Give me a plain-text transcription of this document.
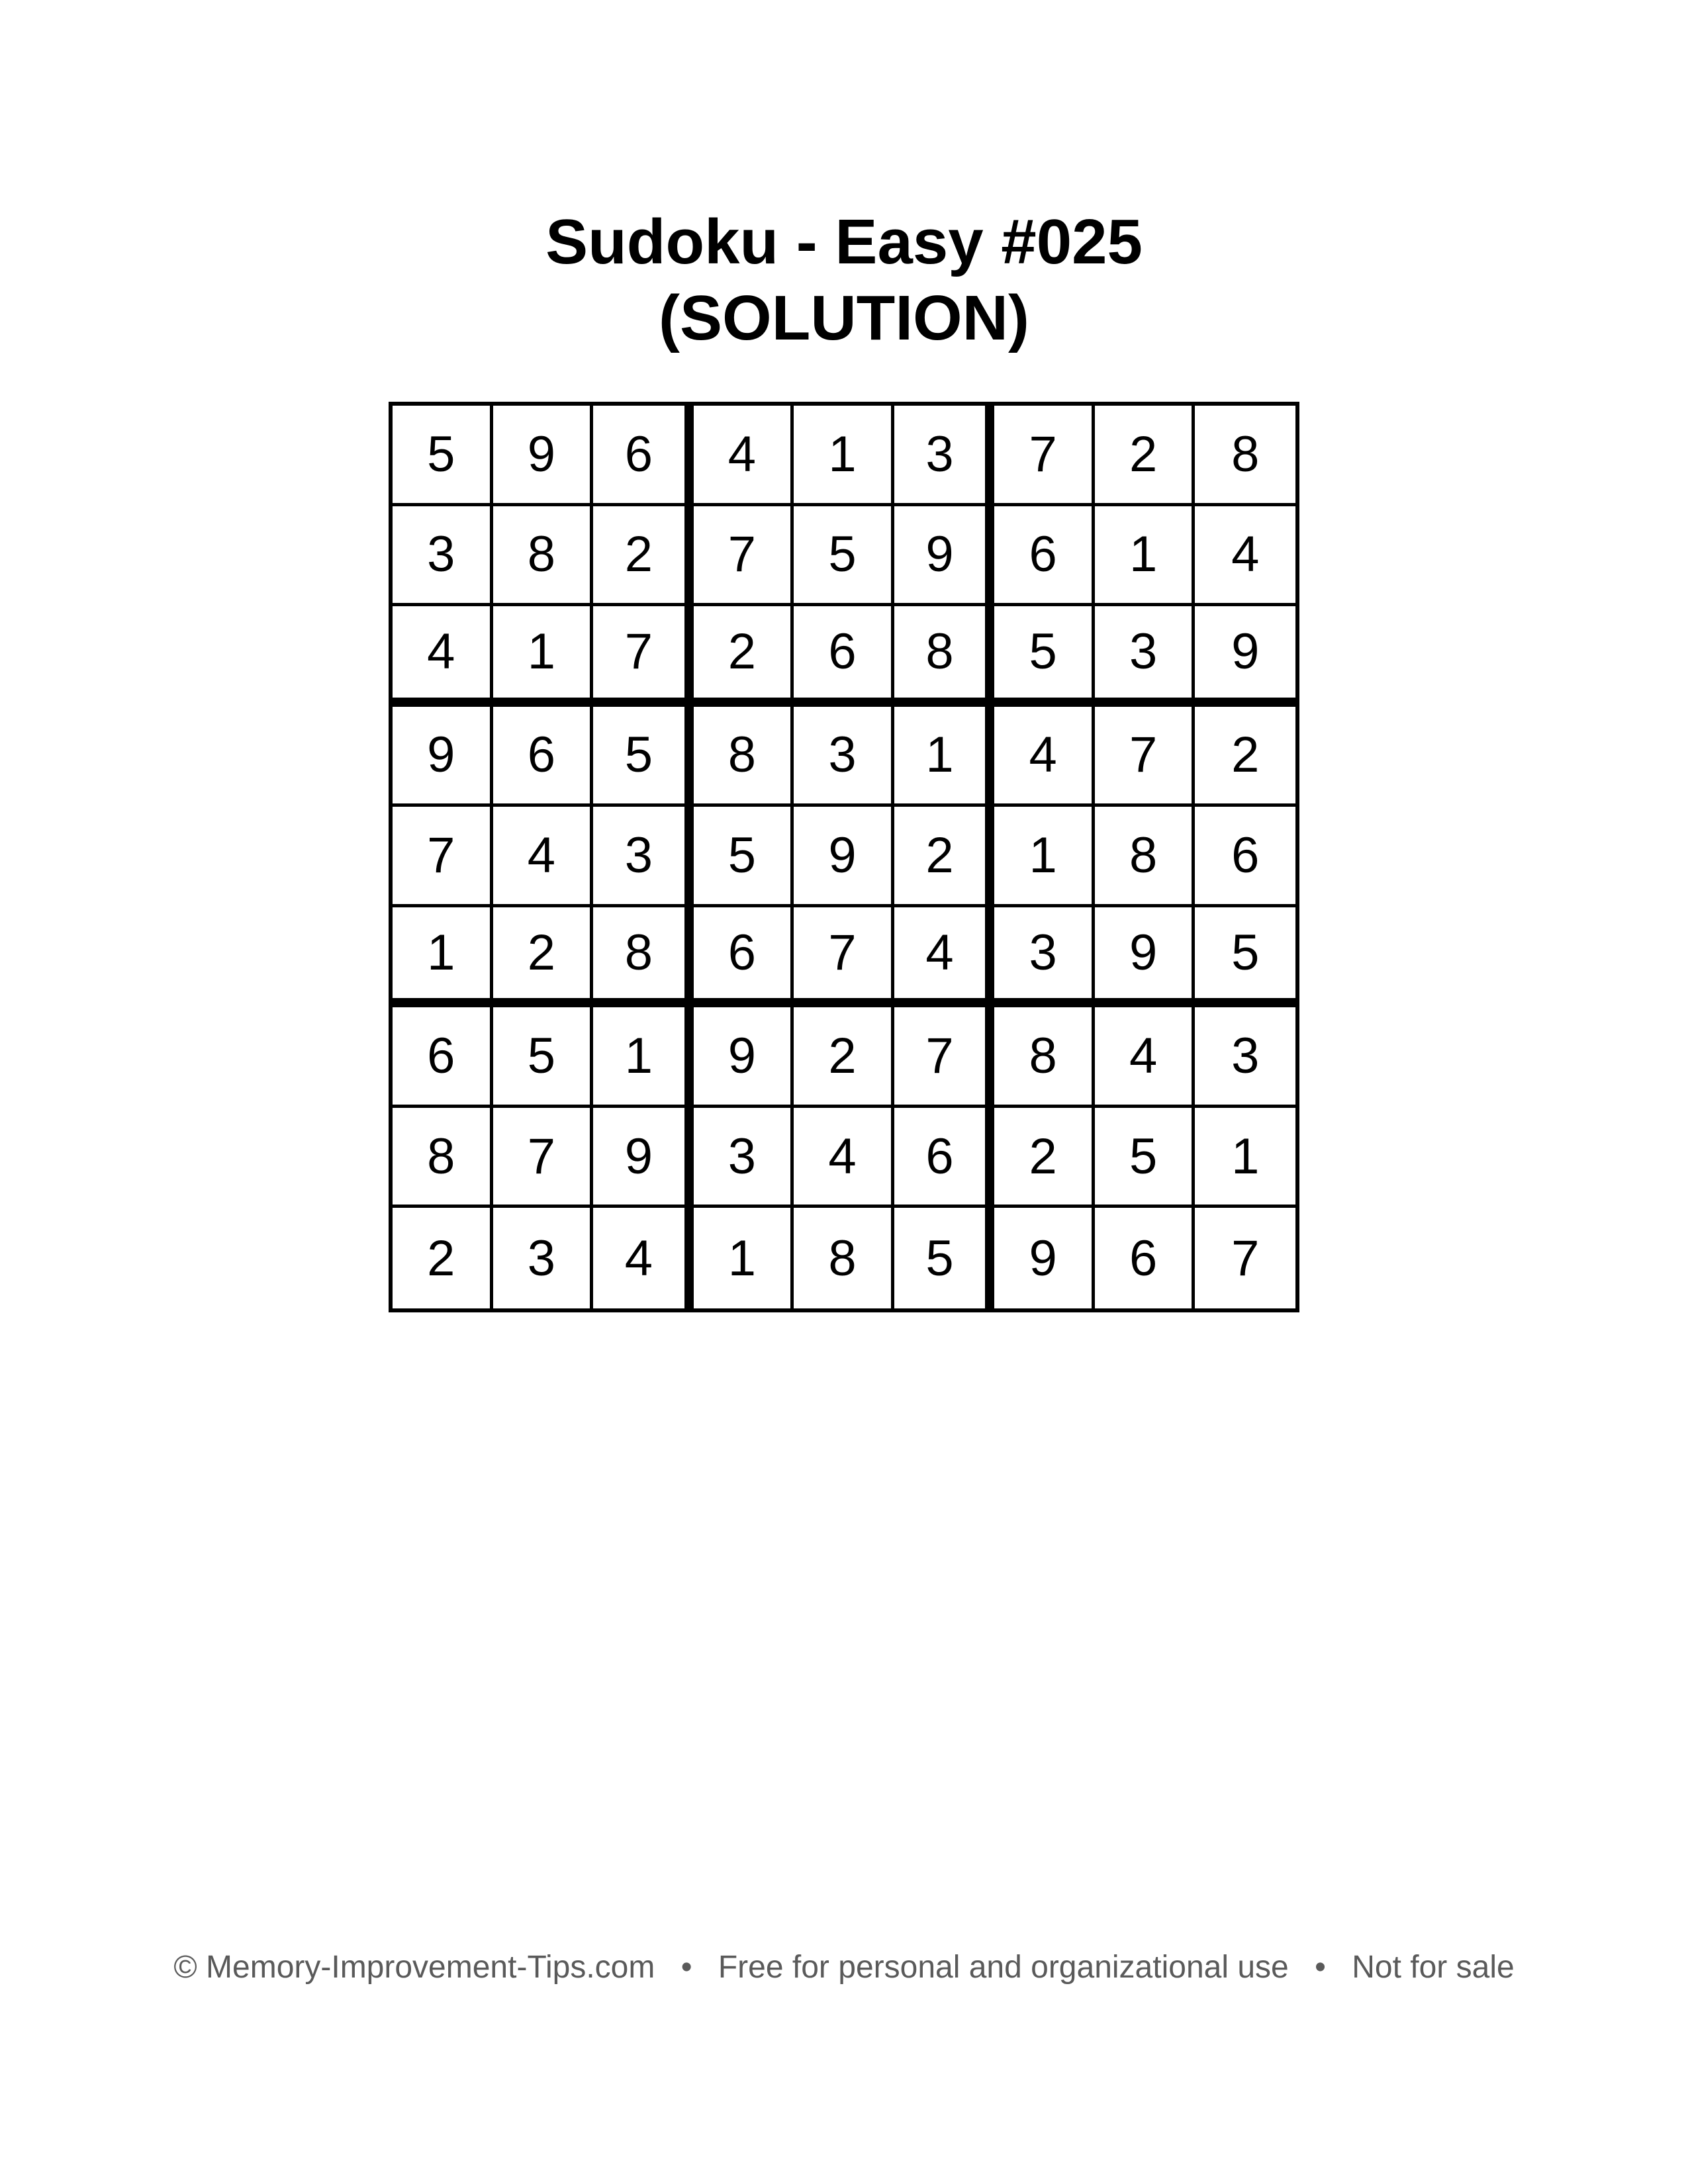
Sudoku - Easy #025
(SOLUTION)
5	9	6	4	1	3	7	2	8
3	8	2	7	5	9	6	1	4
4	1	7	2	6	8	5	3	9
9	6	5	8	3	1	4	7	2
7	4	3	5	9	2	1	8	6
1	2	8	6	7	4	3	9	5
6	5	1	9	2	7	8	4	3
8	7	9	3	4	6	2	5	1
2	3	4	1	8	5	9	6	7
© Memory-Improvement-Tips.com • Free for personal and organizational use • Not for sale
